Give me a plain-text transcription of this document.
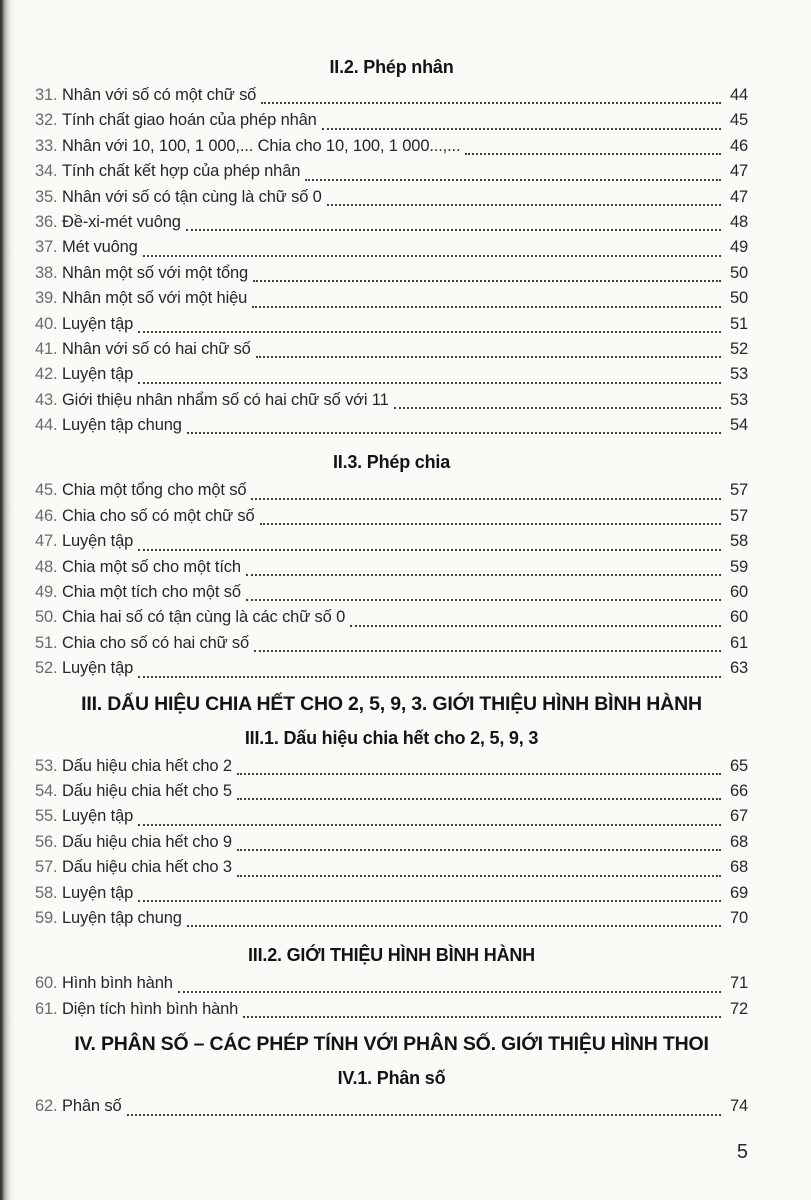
II.2. Phép nhân
31. Nhân với số có một chữ số	44
32. Tính chất giao hoán của phép nhân	45
33. Nhân với 10, 100, 1 000,... Chia cho 10, 100, 1 000...,...	46
34. Tính chất kết hợp của phép nhân	47
35. Nhân với số có tận cùng là chữ số 0	47
36. Đề-xi-mét vuông	48
37. Mét vuông	49
38. Nhân một số với một tổng	50
39. Nhân một số với một hiệu	50
40. Luyện tập	51
41. Nhân với số có hai chữ số	52
42. Luyện tập	53
43. Giới thiệu nhân nhẩm số có hai chữ số với 11	53
44. Luyện tập chung	54
II.3. Phép chia
45. Chia một tổng cho một số	57
46. Chia cho số có một chữ số	57
47. Luyện tập	58
48. Chia một số cho một tích	59
49. Chia một tích cho một số	60
50. Chia hai số có tận cùng là các chữ số 0	60
51. Chia cho số có hai chữ số	61
52. Luyện tập	63
III. DẤU HIỆU CHIA HẾT CHO 2, 5, 9, 3. GIỚI THIỆU HÌNH BÌNH HÀNH
III.1. Dấu hiệu chia hết cho 2, 5, 9, 3
53. Dấu hiệu chia hết cho 2	65
54. Dấu hiệu chia hết cho 5	66
55. Luyện tập	67
56. Dấu hiệu chia hết cho 9	68
57. Dấu hiệu chia hết cho 3	68
58. Luyện tập	69
59. Luyện tập chung	70
III.2. GIỚI THIỆU HÌNH BÌNH HÀNH
60. Hình bình hành	71
61. Diện tích hình bình hành	72
IV. PHÂN SỐ – CÁC PHÉP TÍNH VỚI PHÂN SỐ. GIỚI THIỆU HÌNH THOI
IV.1. Phân số
62. Phân số	74
5
